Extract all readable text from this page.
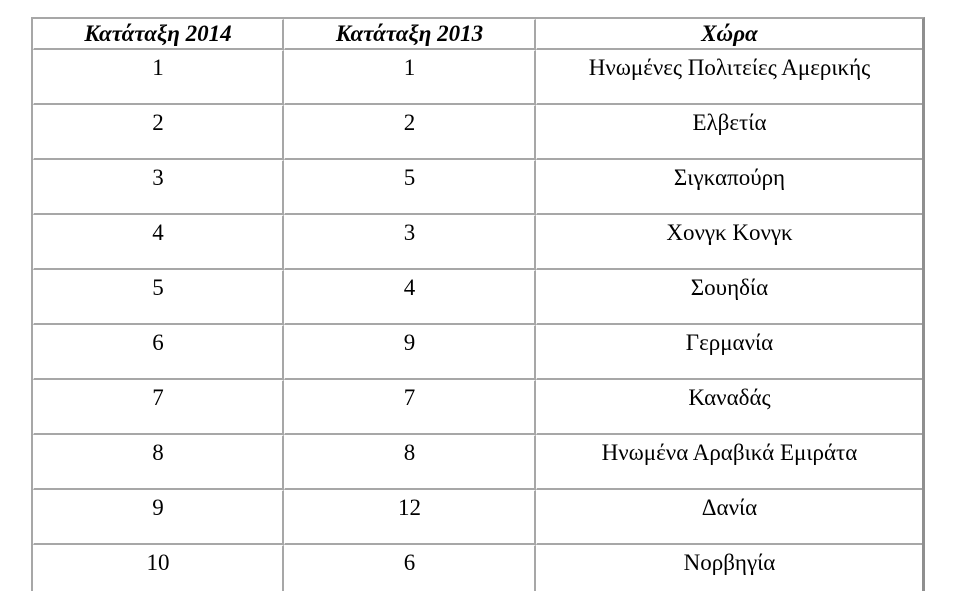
Κατάταξη 2014	Κατάταξη 2013	Χώρα
1	1	Ηνωμένες Πολιτείες Αμερικής
2	2	Ελβετία
3	5	Σιγκαπούρη
4	3	Χονγκ Κονγκ
5	4	Σουηδία
6	9	Γερμανία
7	7	Καναδάς
8	8	Ηνωμένα Αραβικά Εμιράτα
9	12	Δανία
10	6	Νορβηγία
